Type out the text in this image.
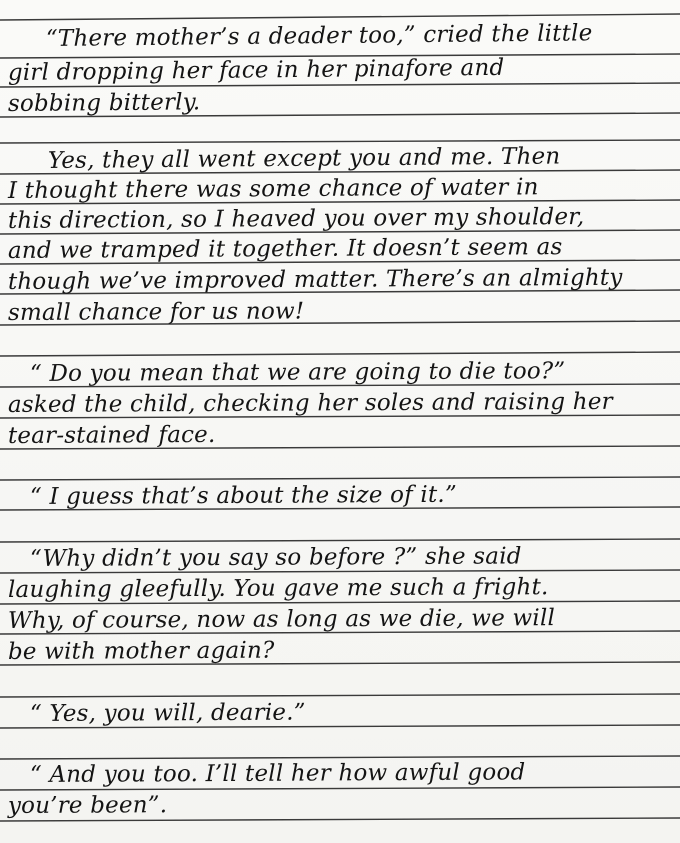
“There mother’s a deader too,” cried the little
girl dropping her face in her pinafore and
sobbing bitterly.
Yes, they all went except you and me. Then
I thought there was some chance of water in
this direction, so I heaved you over my shoulder,
and we tramped it together. It doesn’t seem as
though we’ve improved matter. There’s an almighty
small chance for us now!
“ Do you mean that we are going to die too?”
asked the child, checking her soles and raising her
tear-stained face.
“ I guess that’s about the size of it.”
“Why didn’t you say so before ?” she said
laughing gleefully. You gave me such a fright.
Why, of course, now as long as we die, we will
be with mother again?
“ Yes, you will, dearie.”
“ And you too. I’ll tell her how awful good
you’re been”.
